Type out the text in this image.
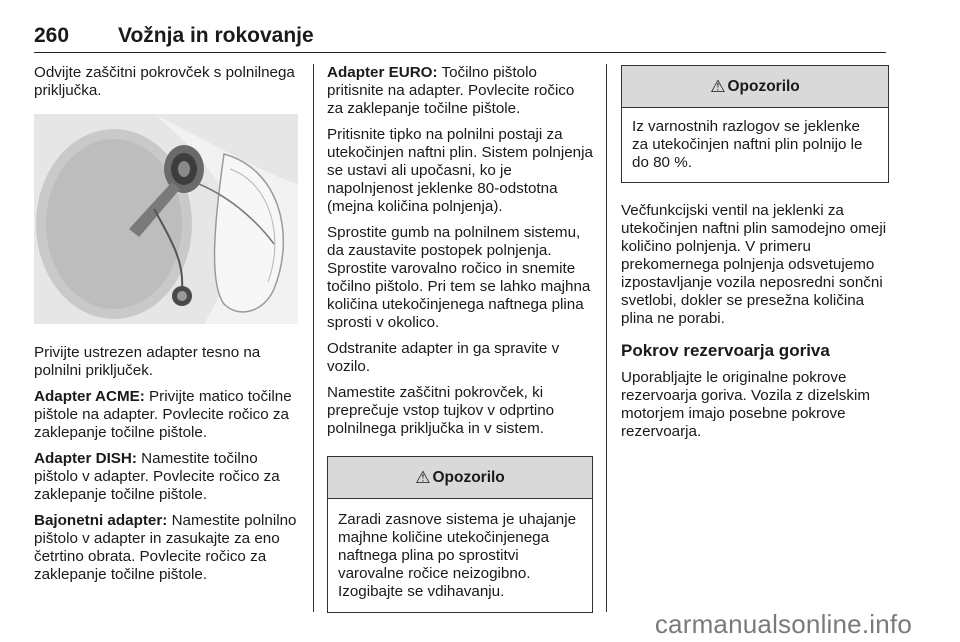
260 Vožnja in rokovanje

Odvijte zaščitni pokrovček s polnilnega priključka.

Privijte ustrezen adapter tesno na polnilni priključek.

Adapter ACME: Privijte matico točilne pištole na adapter. Povlecite ročico za zaklepanje točilne pištole.

Adapter DISH: Namestite točilno pištolo v adapter. Povlecite ročico za zaklepanje točilne pištole.

Bajonetni adapter: Namestite polnilno pištolo v adapter in zasukajte za eno četrtino obrata. Povlecite ročico za zaklepanje točilne pištole.

Adapter EURO: Točilno pištolo pritisnite na adapter. Povlecite ročico za zaklepanje točilne pištole.

Pritisnite tipko na polnilni postaji za utekočinjen naftni plin. Sistem polnjenja se ustavi ali upočasni, ko je napolnjenost jeklenke 80-odstotna (mejna količina polnjenja).

Sprostite gumb na polnilnem sistemu, da zaustavite postopek polnjenja. Sprostite varovalno ročico in snemite točilno pištolo. Pri tem se lahko majhna količina utekočinjenega naftnega plina sprosti v okolico.

Odstranite adapter in ga spravite v vozilo.

Namestite zaščitni pokrovček, ki preprečuje vstop tujkov v odprtino polnilnega priključka in v sistem.

⚠ Opozorilo
Zaradi zasnove sistema je uhajanje majhne količine utekočinjenega naftnega plina po sprostitvi varovalne ročice neizogibno. Izogibajte se vdihavanju.
⚠ Opozorilo
Iz varnostnih razlogov se jeklenke za utekočinjen naftni plin polnijo le do 80 %.

Večfunkcijski ventil na jeklenki za utekočinjen naftni plin samodejno omeji količino polnjenja. V primeru prekomernega polnjenja odsvetujemo izpostavljanje vozila neposredni sončni svetlobi, dokler se presežna količina plina ne porabi.

Pokrov rezervoarja goriva

Uporabljajte le originalne pokrove rezervoarja goriva. Vozila z dizelskim motorjem imajo posebne pokrove rezervoarja.

carmanualsonline.info
